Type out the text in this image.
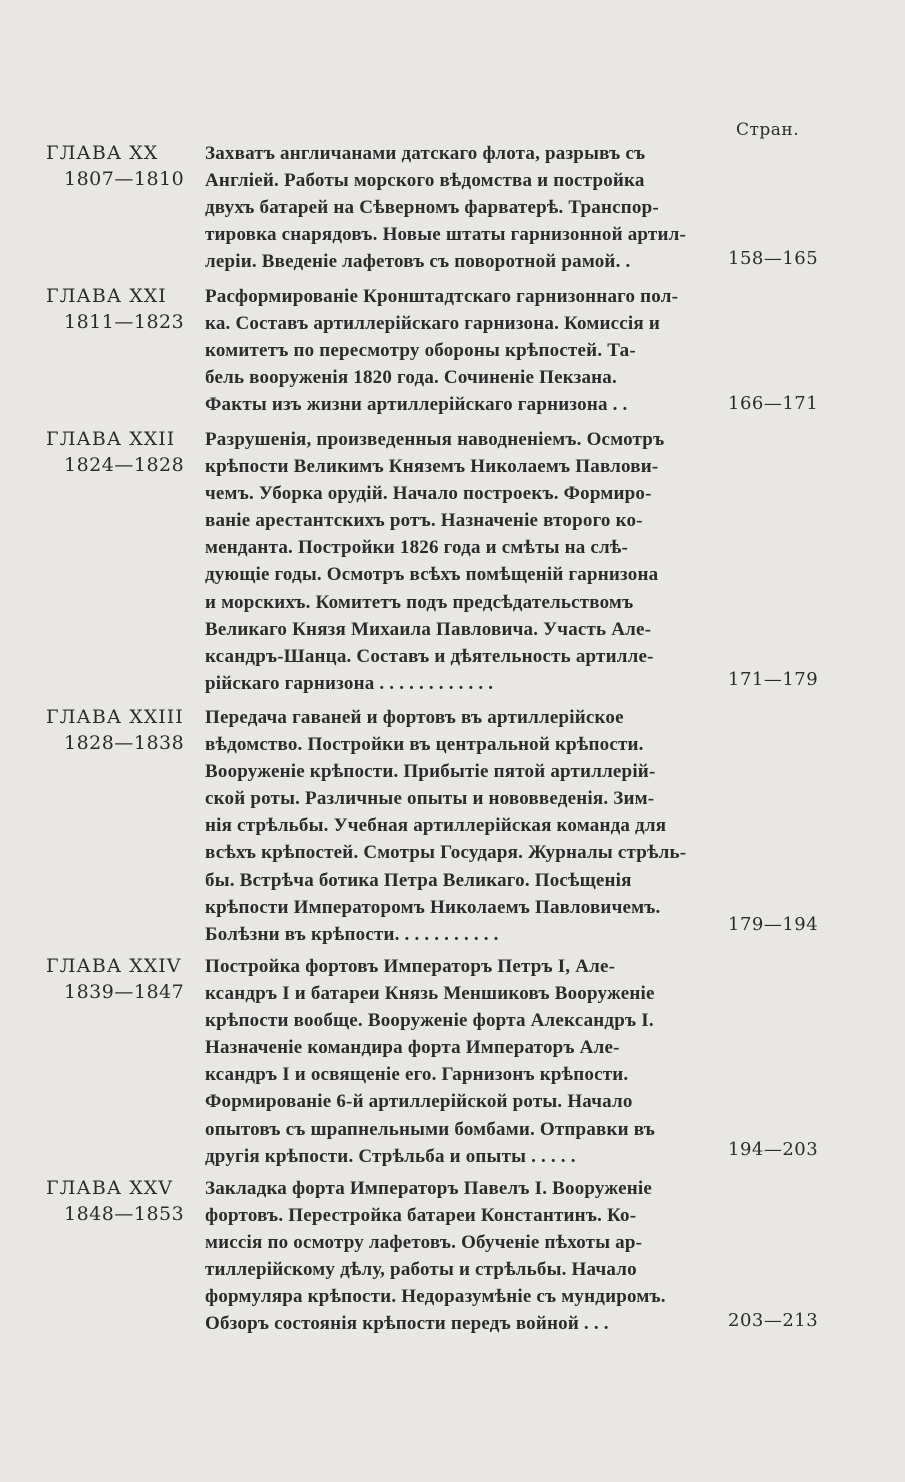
Стран.
ГЛАВА XX
1807—1810
Захватъ англичанами датскаго флота, разрывъ съ
Англiей. Работы морского вѣдомства и постройка
двухъ батарей на Сѣверномъ фарватерѣ. Транспор-
тировка снарядовъ. Новые штаты гарнизонной артил-
лерiи. Введенiе лафетовъ съ поворотной рамой. .	158—165
ГЛАВА XXI
1811—1823
Расформированiе Кронштадтскаго гарнизоннаго пол-
ка. Составъ артиллерiйскаго гарнизона. Комиссiя и
комитетъ по пересмотру обороны крѣпостей. Та-
бель вооруженiя 1820 года. Сочиненiе Пекзана.
Факты изъ жизни артиллерiйскаго гарнизона . .	166—171
ГЛАВА XXII
1824—1828
Разрушенiя, произведенныя наводненiемъ. Осмотръ
крѣпости Великимъ Княземъ Николаемъ Павлови-
чемъ. Уборка орудiй. Начало построекъ. Формиро-
ванiе арестантскихъ ротъ. Назначенiе второго ко-
менданта. Постройки 1826 года и смѣты на слѣ-
дующiе годы. Осмотръ всѣхъ помѣщенiй гарнизона
и морскихъ. Комитетъ подъ предсѣдательствомъ
Великаго Князя Михаила Павловича. Участь Але-
ксандръ-Шанца. Составъ и дѣятельность артилле-
рiйскаго гарнизона . . . . . . . . . . . .	171—179
ГЛАВА XXIII
1828—1838
Передача гаваней и фортовъ въ артиллерiйское
вѣдомство. Постройки въ центральной крѣпости.
Вооруженiе крѣпости. Прибытiе пятой артиллерiй-
ской роты. Различные опыты и нововведенiя. Зим-
нiя стрѣльбы. Учебная артиллерiйская команда для
всѣхъ крѣпостей. Смотры Государя. Журналы стрѣль-
бы. Встрѣча ботика Петра Великаго. Посѣщенiя
крѣпости Императоромъ Николаемъ Павловичемъ.
Болѣзни въ крѣпости. . . . . . . . . . .	179—194
ГЛАВА XXIV
1839—1847
Постройка фортовъ Императоръ Петръ I, Але-
ксандръ I и батареи Князь Меншиковъ Вооруженiе
крѣпости вообще. Вооруженiе форта Александръ I.
Назначенiе командира форта Императоръ Але-
ксандръ I и освященiе его. Гарнизонъ крѣпости.
Формированiе 6-й артиллерiйской роты. Начало
опытовъ съ шрапнельными бомбами. Отправки въ
другiя крѣпости. Стрѣльба и опыты . . . . .	194—203
ГЛАВА XXV
1848—1853
Закладка форта Императоръ Павелъ I. Вооруженiе
фортовъ. Перестройка батареи Константинъ. Ко-
миссiя по осмотру лафетовъ. Обученiе пѣхоты ар-
тиллерiйскому дѣлу, работы и стрѣльбы. Начало
формуляра крѣпости. Недоразумѣнiе съ мундиромъ.
Обзоръ состоянiя крѣпости передъ войной . . .	203—213
